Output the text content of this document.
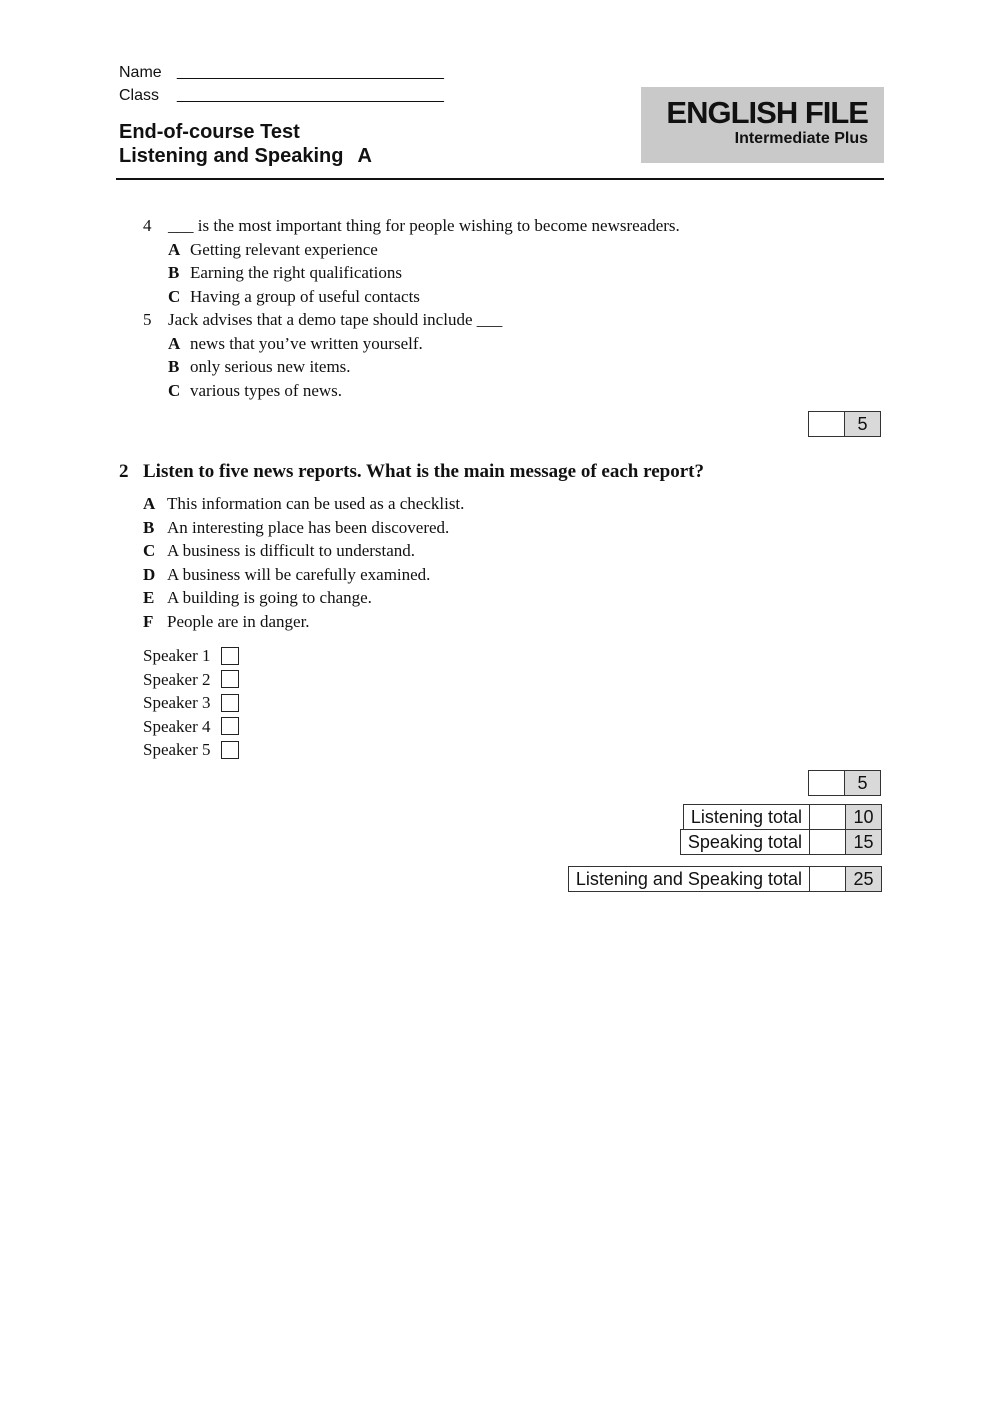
Name ______________________________
Class ______________________________
End-of-course Test
Listening and Speaking A
ENGLISH FILE
Intermediate Plus
4 ___ is the most important thing for people wishing to become newsreaders.
A Getting relevant experience
B Earning the right qualifications
C Having a group of useful contacts
5 Jack advises that a demo tape should include ___
A news that you’ve written yourself.
B only serious new items.
C various types of news.
5
2 Listen to five news reports. What is the main message of each report?
A This information can be used as a checklist.
B An interesting place has been discovered.
C A business is difficult to understand.
D A business will be carefully examined.
E A building is going to change.
F People are in danger.
Speaker 1
Speaker 2
Speaker 3
Speaker 4
Speaker 5
5
Listening total	10
Speaking total	15
Listening and Speaking total	25
